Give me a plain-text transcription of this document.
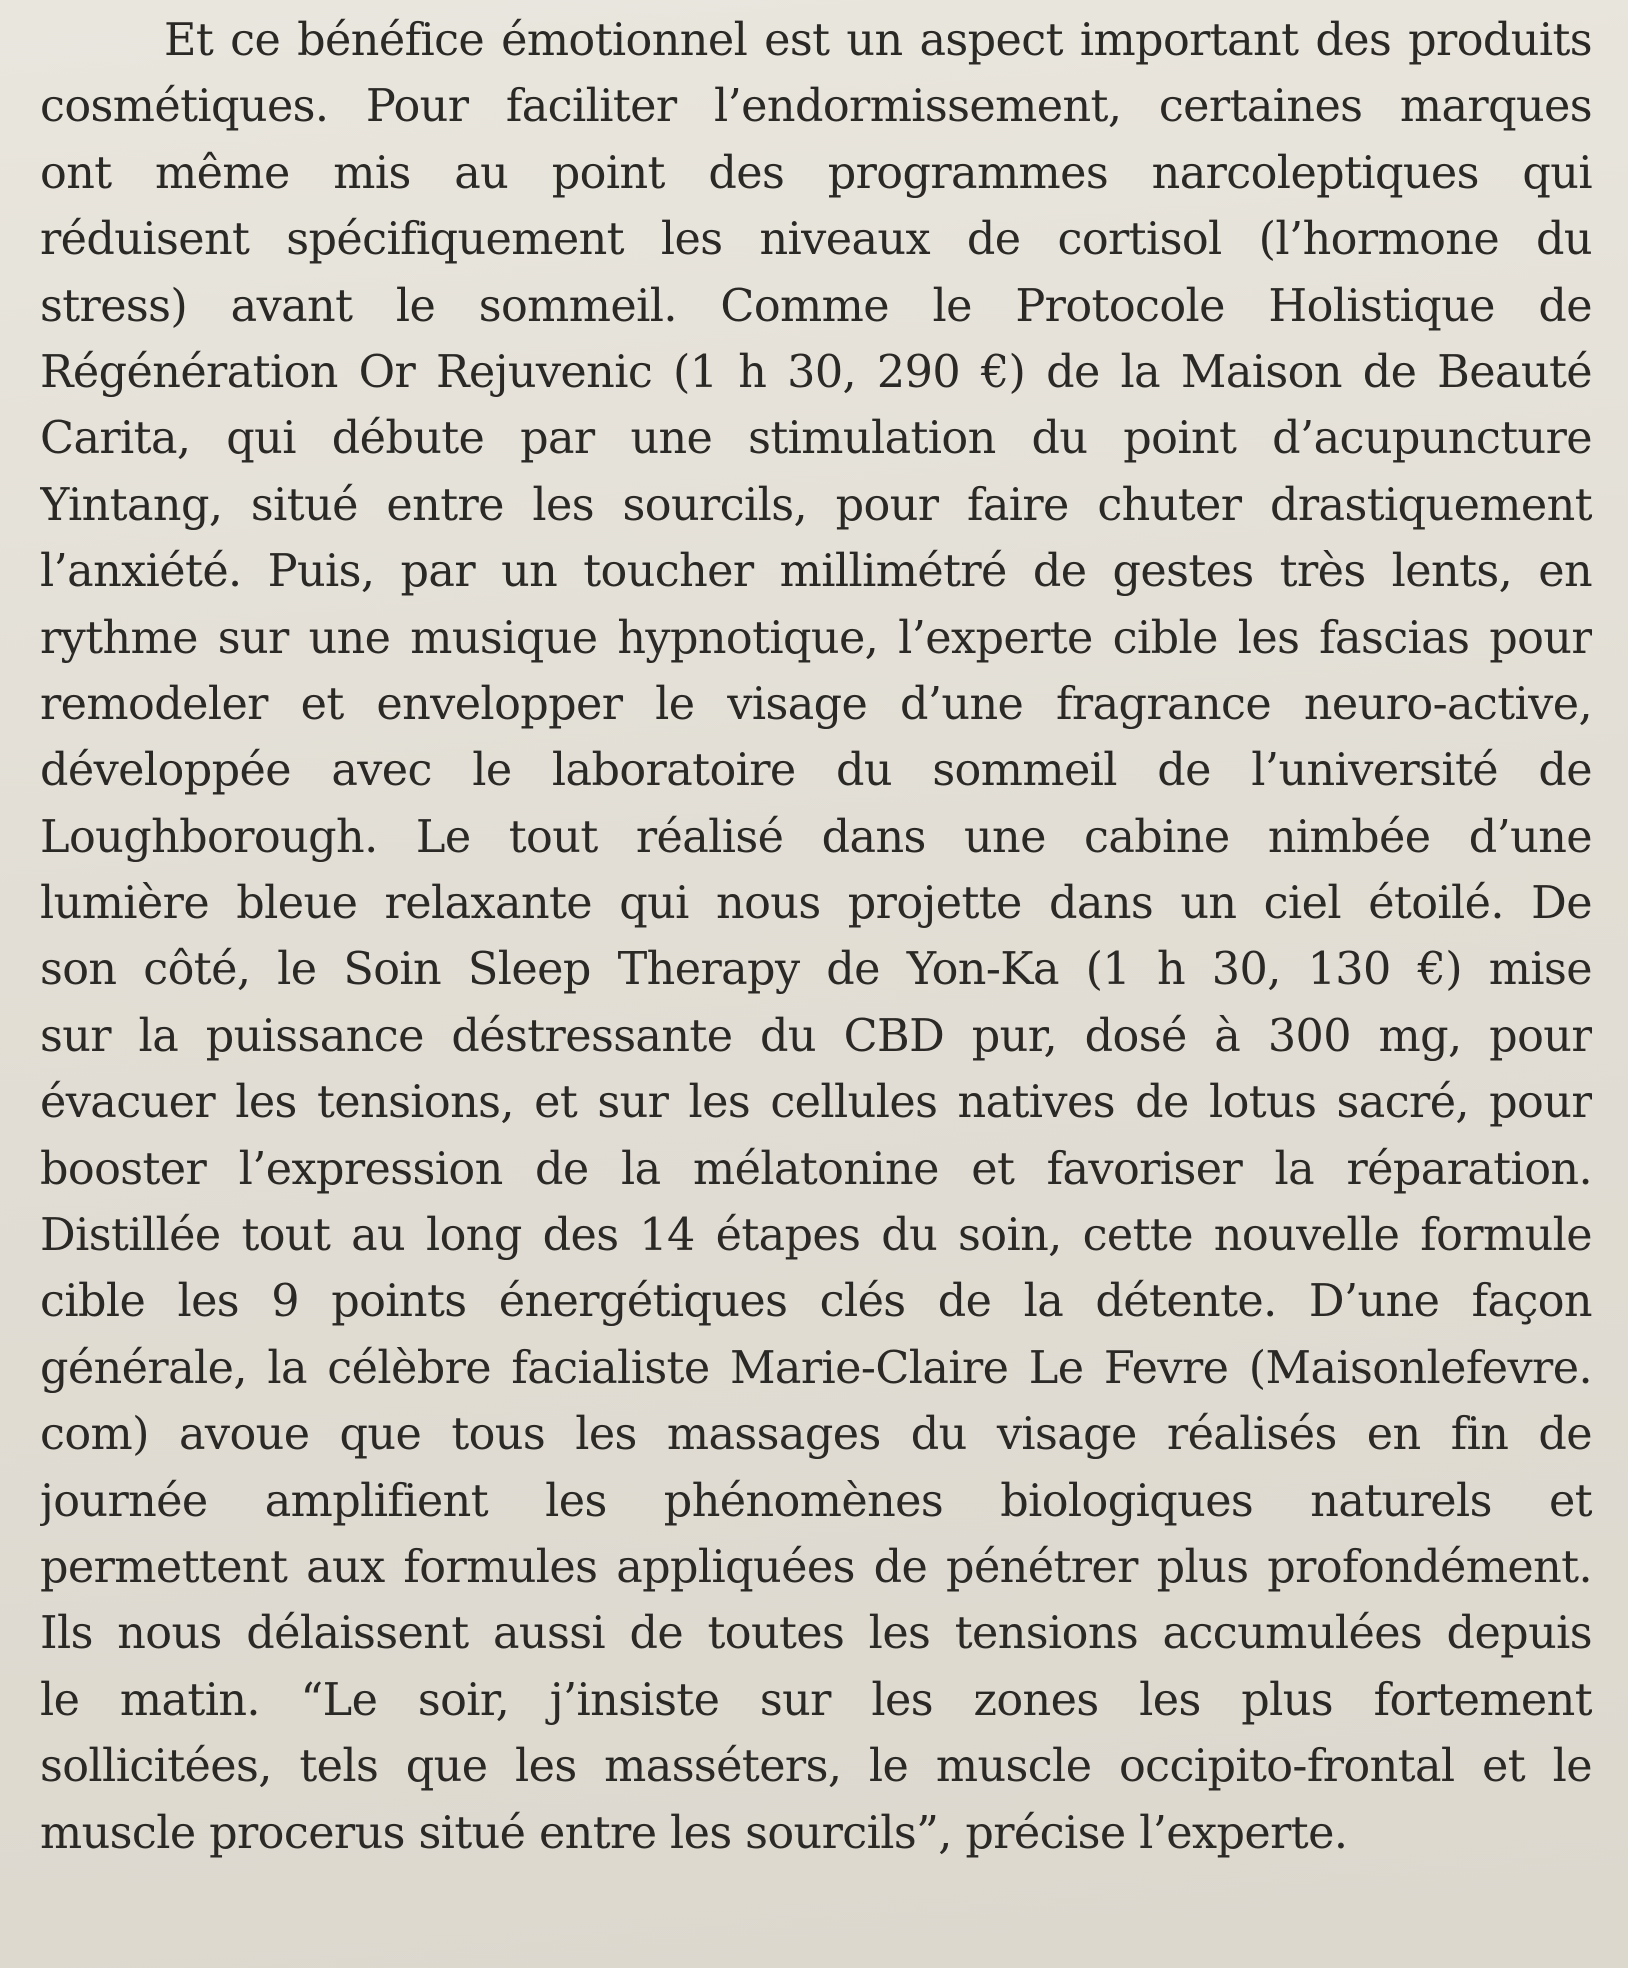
Et ce bénéfice émotionnel est un aspect important des produits
cosmétiques. Pour faciliter l’endormissement, certaines marques
ont même mis au point des programmes narcoleptiques qui
réduisent spécifiquement les niveaux de cortisol (l’hormone du
stress) avant le sommeil. Comme le Protocole Holistique de
Régénération Or Rejuvenic (1 h 30, 290 €) de la Maison de Beauté
Carita, qui débute par une stimulation du point d’acupuncture
Yintang, situé entre les sourcils, pour faire chuter drastiquement
l’anxiété. Puis, par un toucher millimétré de gestes très lents, en
rythme sur une musique hypnotique, l’experte cible les fascias pour
remodeler et envelopper le visage d’une fragrance neuro-active,
développée avec le laboratoire du sommeil de l’université de
Loughborough. Le tout réalisé dans une cabine nimbée d’une
lumière bleue relaxante qui nous projette dans un ciel étoilé. De
son côté, le Soin Sleep Therapy de Yon-Ka (1 h 30, 130 €) mise
sur la puissance déstressante du CBD pur, dosé à 300 mg, pour
évacuer les tensions, et sur les cellules natives de lotus sacré, pour
booster l’expression de la mélatonine et favoriser la réparation.
Distillée tout au long des 14 étapes du soin, cette nouvelle formule
cible les 9 points énergétiques clés de la détente. D’une façon
générale, la célèbre facialiste Marie-Claire Le Fevre (Maisonlefevre.
com) avoue que tous les massages du visage réalisés en fin de
journée amplifient les phénomènes biologiques naturels et
permettent aux formules appliquées de pénétrer plus profondément.
Ils nous délaissent aussi de toutes les tensions accumulées depuis
le matin. “Le soir, j’insiste sur les zones les plus fortement
sollicitées, tels que les masséters, le muscle occipito-frontal et le
muscle procerus situé entre les sourcils”, précise l’experte.
